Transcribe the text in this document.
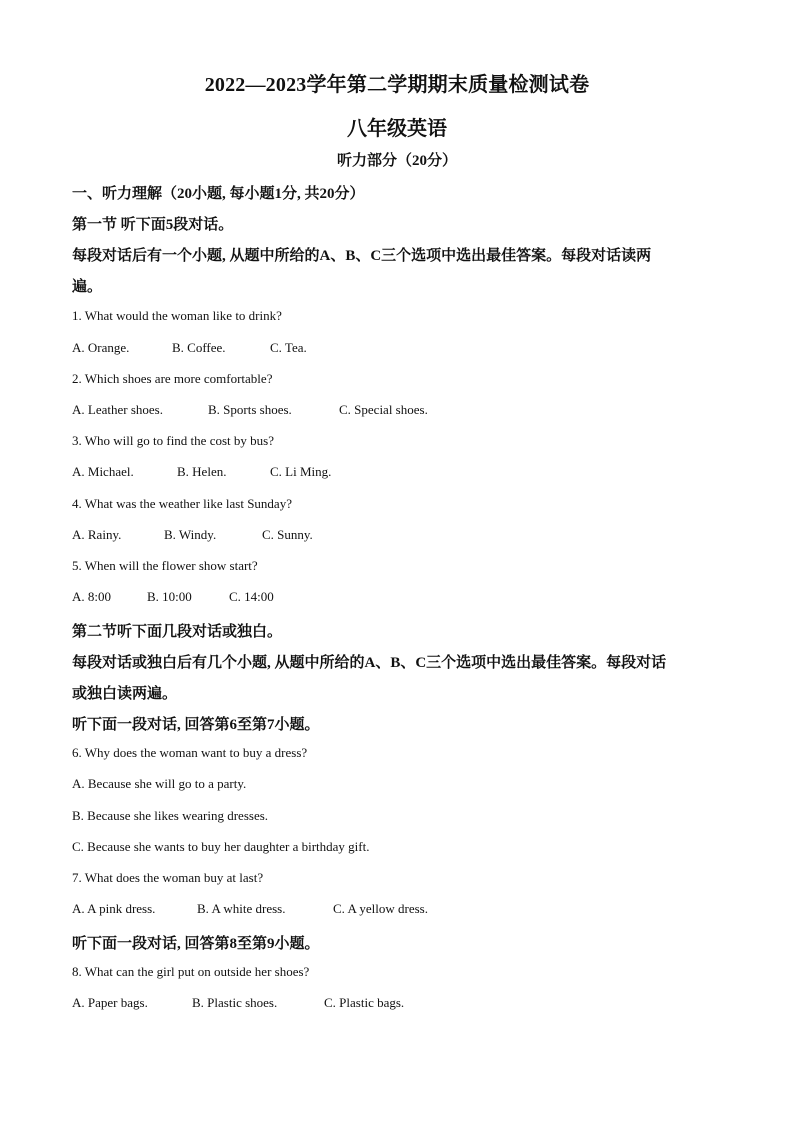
2022—2023学年第二学期期末质量检测试卷
八年级英语
听力部分（20分）
一、听力理解（20小题, 每小题1分, 共20分）
第一节 听下面5段对话。
每段对话后有一个小题, 从题中所给的A、B、C三个选项中选出最佳答案。每段对话读两
遍。
1. What would the woman like to drink?
A. Orange.	B. Coffee.	C. Tea.
2. Which shoes are more comfortable?
A. Leather shoes.	B. Sports shoes.	C. Special shoes.
3. Who will go to find the cost by bus?
A. Michael.	B. Helen.	C. Li Ming.
4. What was the weather like last Sunday?
A. Rainy.	B. Windy.	C. Sunny.
5. When will the flower show start?
A. 8:00	B. 10:00	C. 14:00
第二节听下面几段对话或独白。
每段对话或独白后有几个小题, 从题中所给的A、B、C三个选项中选出最佳答案。每段对话
或独白读两遍。
听下面一段对话, 回答第6至第7小题。
6. Why does the woman want to buy a dress?
A. Because she will go to a party.
B. Because she likes wearing dresses.
C. Because she wants to buy her daughter a birthday gift.
7. What does the woman buy at last?
A. A pink dress.	B. A white dress.	C. A yellow dress.
听下面一段对话, 回答第8至第9小题。
8. What can the girl put on outside her shoes?
A. Paper bags.	B. Plastic shoes.	C. Plastic bags.
